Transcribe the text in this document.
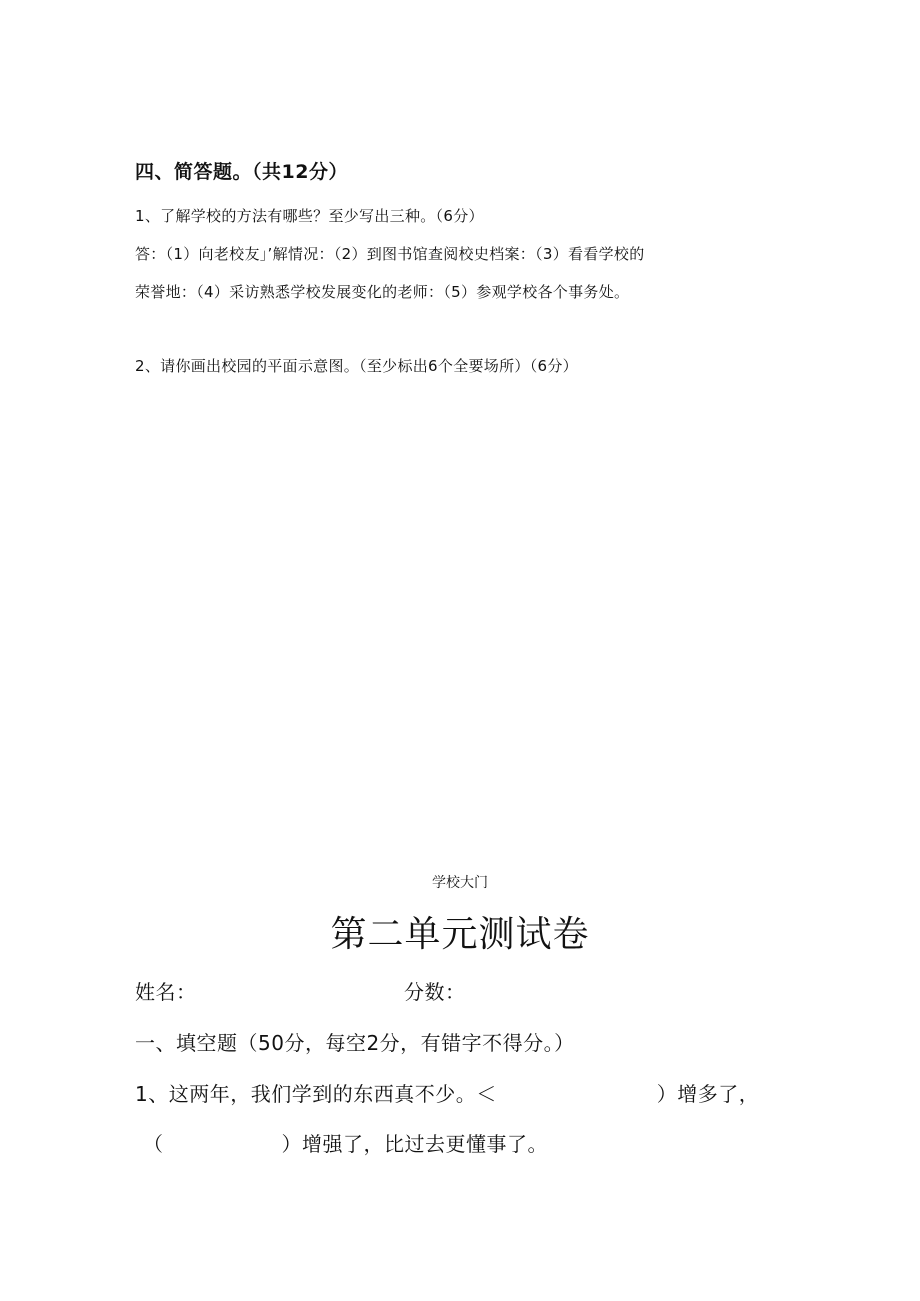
四、简答题。（共12分）
1、了解学校的方法有哪些？至少写出三种。（6分）
答：（1）向老校友」’解情况：（2）到图书馆查阅校史档案：（3）看看学校的
荣誉地：（4）采访熟悉学校发展变化的老师：（5）参观学校各个事务处。
2、请你画出校园的平面示意图。（至少标出6个全要场所）（6分）
学校大门
第二单元测试卷
姓名：	分数：
一、填空题（50分，每空2分，有错字不得分。）
1、这两年，我们学到的东西真不少。＜	）增多了，
（	）增强了，比过去更懂事了。
